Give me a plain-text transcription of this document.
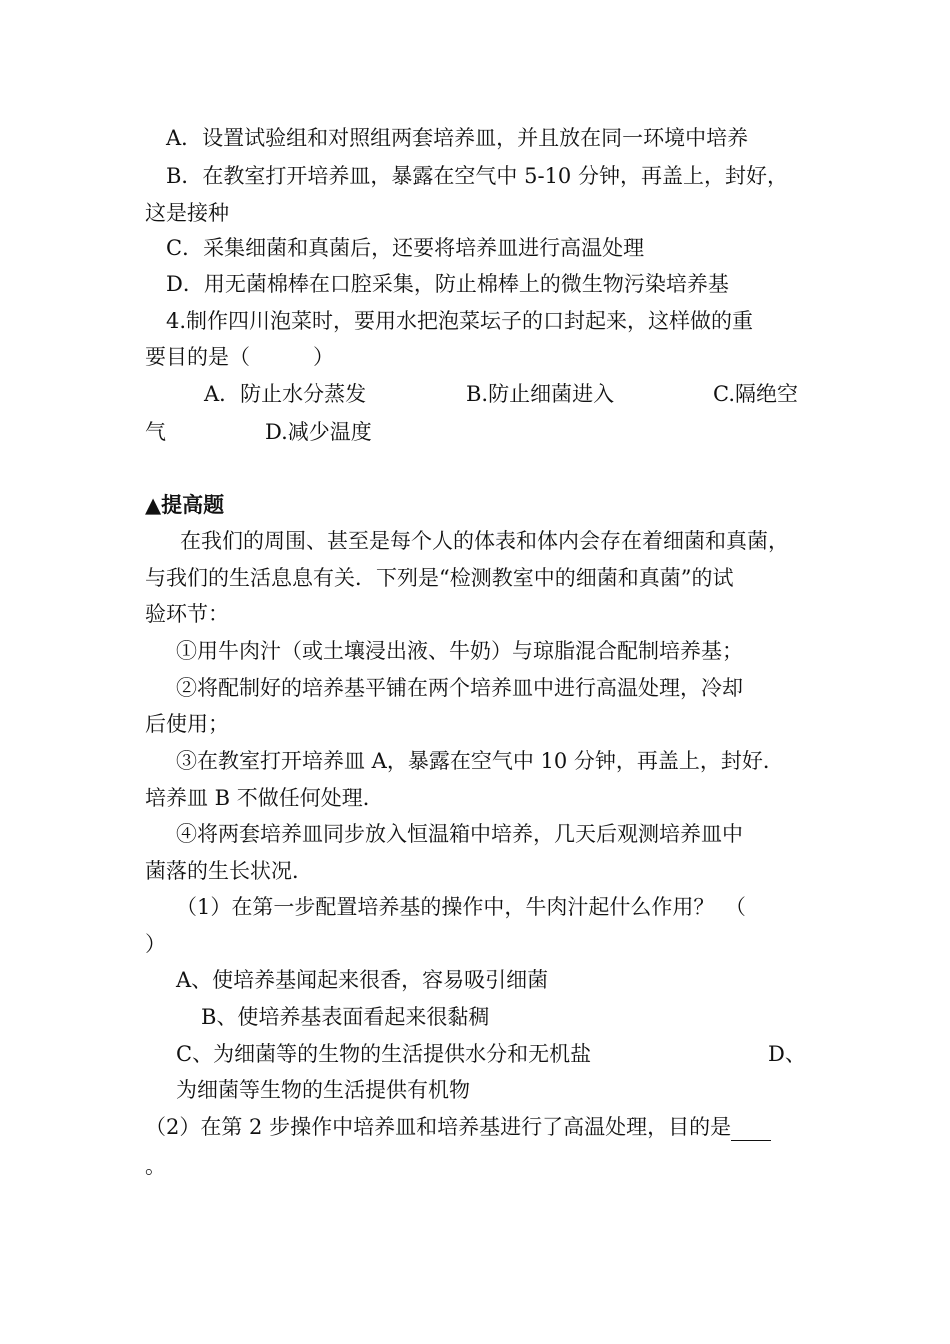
A．设置试验组和对照组两套培养皿，并且放在同一环境中培养
B．在教室打开培养皿，暴露在空气中 5-10 分钟，再盖上，封好，
这是接种
C．采集细菌和真菌后，还要将培养皿进行高温处理
D．用无菌棉棒在口腔采集，防止棉棒上的微生物污染培养基
4.制作四川泡菜时，要用水把泡菜坛子的口封起来，这样做的重
要目的是（　　　）
A．防止水分蒸发	B.防止细菌进入	C.隔绝空
气	D.减少温度
▲提高题
在我们的周围、甚至是每个人的体表和体内会存在着细菌和真菌，
与我们的生活息息有关．下列是“检测教室中的细菌和真菌”的试
验环节：
①用牛肉汁（或土壤浸出液、牛奶）与琼脂混合配制培养基；
②将配制好的培养基平铺在两个培养皿中进行高温处理，冷却
后使用；
③在教室打开培养皿 A，暴露在空气中 10 分钟，再盖上，封好．
培养皿 B 不做任何处理．
④将两套培养皿同步放入恒温箱中培养，几天后观测培养皿中
菌落的生长状况．
（1）在第一步配置培养基的操作中，牛肉汁起什么作用？　（
）
A、使培养基闻起来很香，容易吸引细菌
B、使培养基表面看起来很黏稠
C、为细菌等的生物的生活提供水分和无机盐	D、
为细菌等生物的生活提供有机物
（2）在第 2 步操作中培养皿和培养基进行了高温处理，目的是
。
